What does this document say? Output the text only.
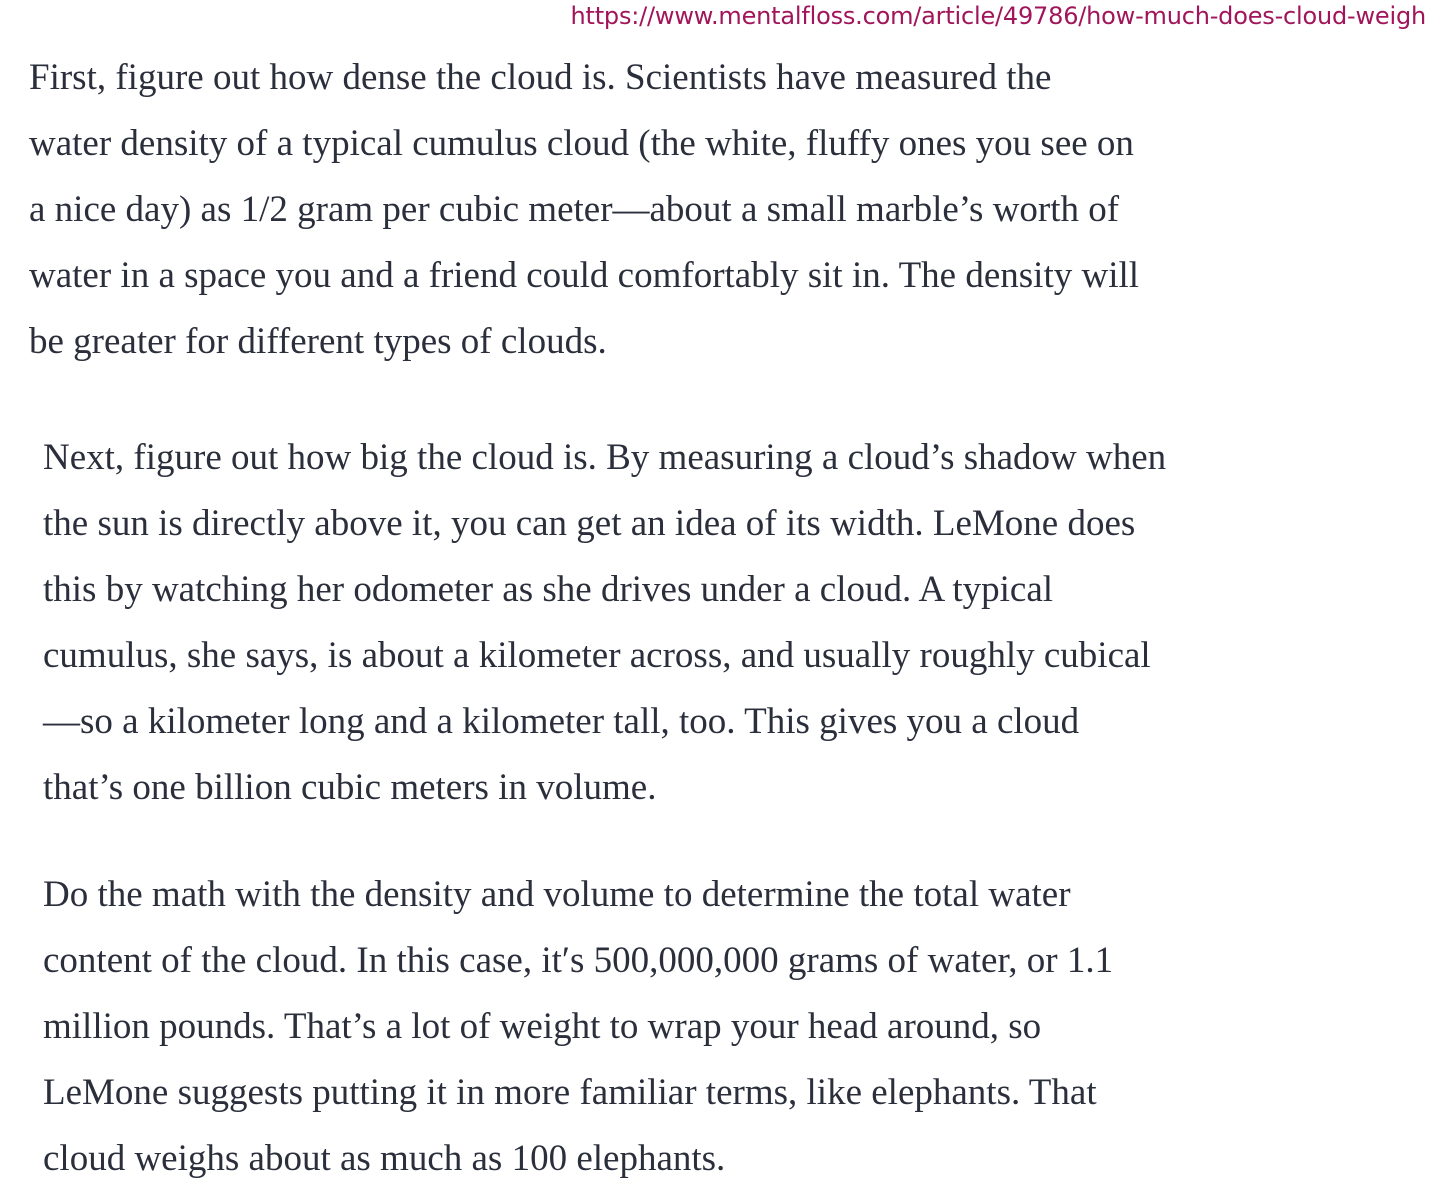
https://www.mentalfloss.com/article/49786/how-much-does-cloud-weigh

First, figure out how dense the cloud is. Scientists have measured the
water density of a typical cumulus cloud (the white, fluffy ones you see on
a nice day) as 1/2 gram per cubic meter—about a small marble’s worth of
water in a space you and a friend could comfortably sit in. The density will
be greater for different types of clouds.

Next, figure out how big the cloud is. By measuring a cloud’s shadow when
the sun is directly above it, you can get an idea of its width. LeMone does
this by watching her odometer as she drives under a cloud. A typical
cumulus, she says, is about a kilometer across, and usually roughly cubical
—so a kilometer long and a kilometer tall, too. This gives you a cloud
that’s one billion cubic meters in volume.

Do the math with the density and volume to determine the total water
content of the cloud. In this case, it′s 500,000,000 grams of water, or 1.1
million pounds. That’s a lot of weight to wrap your head around, so
LeMone suggests putting it in more familiar terms, like elephants. That
cloud weighs about as much as 100 elephants.
